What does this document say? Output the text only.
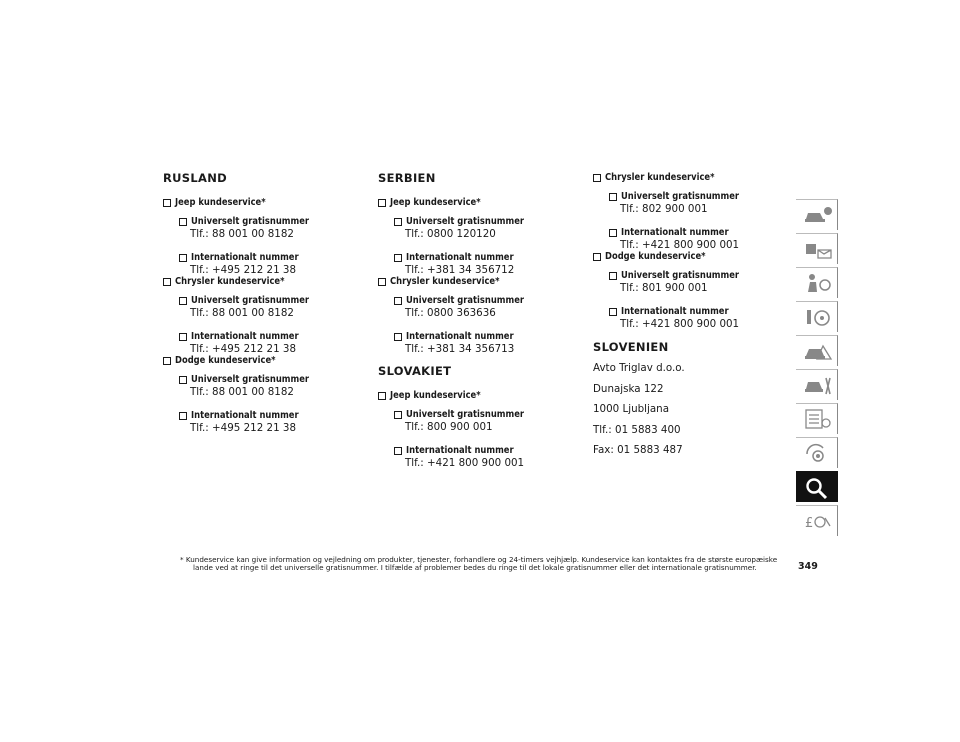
RUSLAND
Jeep kundeservice*
Universelt gratisnummer
Tlf.: 88 001 00 8182
Internationalt nummer
Tlf.: +495 212 21 38
Chrysler kundeservice*
Universelt gratisnummer
Tlf.: 88 001 00 8182
Internationalt nummer
Tlf.: +495 212 21 38
Dodge kundeservice*
Universelt gratisnummer
Tlf.: 88 001 00 8182
Internationalt nummer
Tlf.: +495 212 21 38
SERBIEN
Jeep kundeservice*
Universelt gratisnummer
Tlf.: 0800 120120
Internationalt nummer
Tlf.: +381 34 356712
Chrysler kundeservice*
Universelt gratisnummer
Tlf.: 0800 363636
Internationalt nummer
Tlf.: +381 34 356713
SLOVAKIET
Jeep kundeservice*
Universelt gratisnummer
Tlf.: 800 900 001
Internationalt nummer
Tlf.: +421 800 900 001
Chrysler kundeservice*
Universelt gratisnummer
Tlf.: 802 900 001
Internationalt nummer
Tlf.: +421 800 900 001
Dodge kundeservice*
Universelt gratisnummer
Tlf.: 801 900 001
Internationalt nummer
Tlf.: +421 800 900 001
SLOVENIEN

Avto Triglav d.o.o.

Dunajska 122

1000 Ljubljana

Tlf.: 01 5883 400

Fax: 01 5883 487

* Kundeservice kan give information og vejledning om produkter, tjenester, forhandlere og 24-timers vejhjælp. Kundeservice kan kontaktes fra de største europæiske
lande ved at ringe til det universelle gratisnummer. I tilfælde af problemer bedes du ringe til det lokale gratisnummer eller det internationale gratisnummer.	349
£
